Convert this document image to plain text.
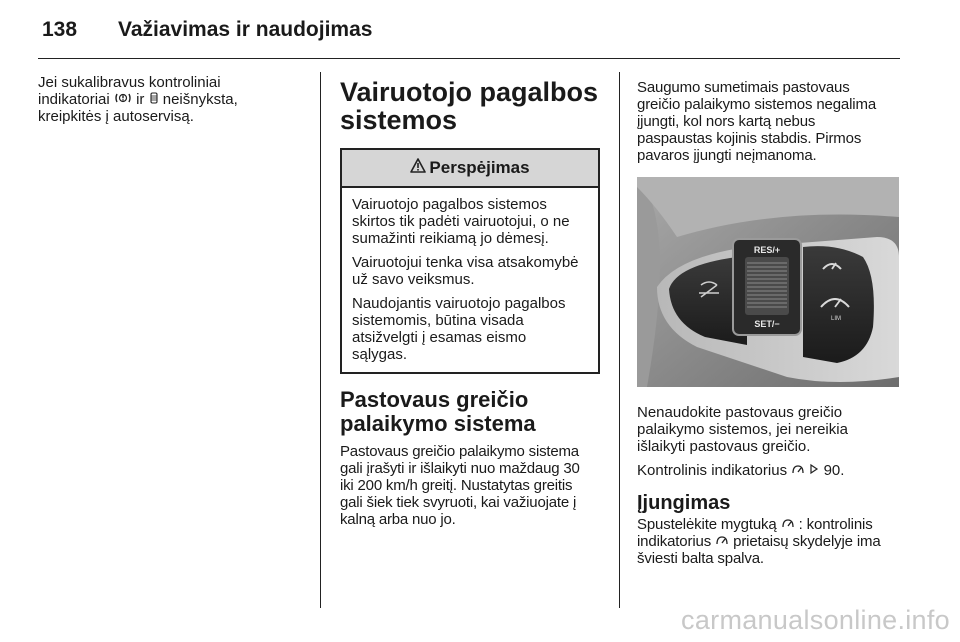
138 Važiavimas ir naudojimas
Jei sukalibravus kontroliniai
indikatoriai ir neišnyksta,
kreipkitės į autoservisą.
Vairuotojo pagalbos
sistemos
Perspėjimas

Vairuotojo pagalbos sistemos
skirtos tik padėti vairuotojui, o ne
sumažinti reikiamą jo dėmesį.

Vairuotojui tenka visa atsakomybė
už savo veiksmus.

Naudojantis vairuotojo pagalbos
sistemomis, būtina visada
atsižvelgti į esamas eismo
sąlygas.

Pastovaus greičio
palaikymo sistema
Pastovaus greičio palaikymo sistema
gali įrašyti ir išlaikyti nuo maždaug 30
iki 200 km/h greitį. Nustatytas greitis
gali šiek tiek svyruoti, kai važiuojate į
kalną arba nuo jo.
Saugumo sumetimais pastovaus
greičio palaikymo sistemos negalima
įjungti, kol nors kartą nebus
paspaustas kojinis stabdis. Pirmos
pavaros įjungti neįmanoma.
RES/+
SET/−	LIM
Nenaudokite pastovaus greičio
palaikymo sistemos, jei nereikia
išlaikyti pastovaus greičio.
Kontrolinis indikatorius 90.
Įjungimas
Spustelėkite mygtuką : kontrolinis
indikatorius prietaisų skydelyje ima
šviesti balta spalva.
carmanualsonline.info
